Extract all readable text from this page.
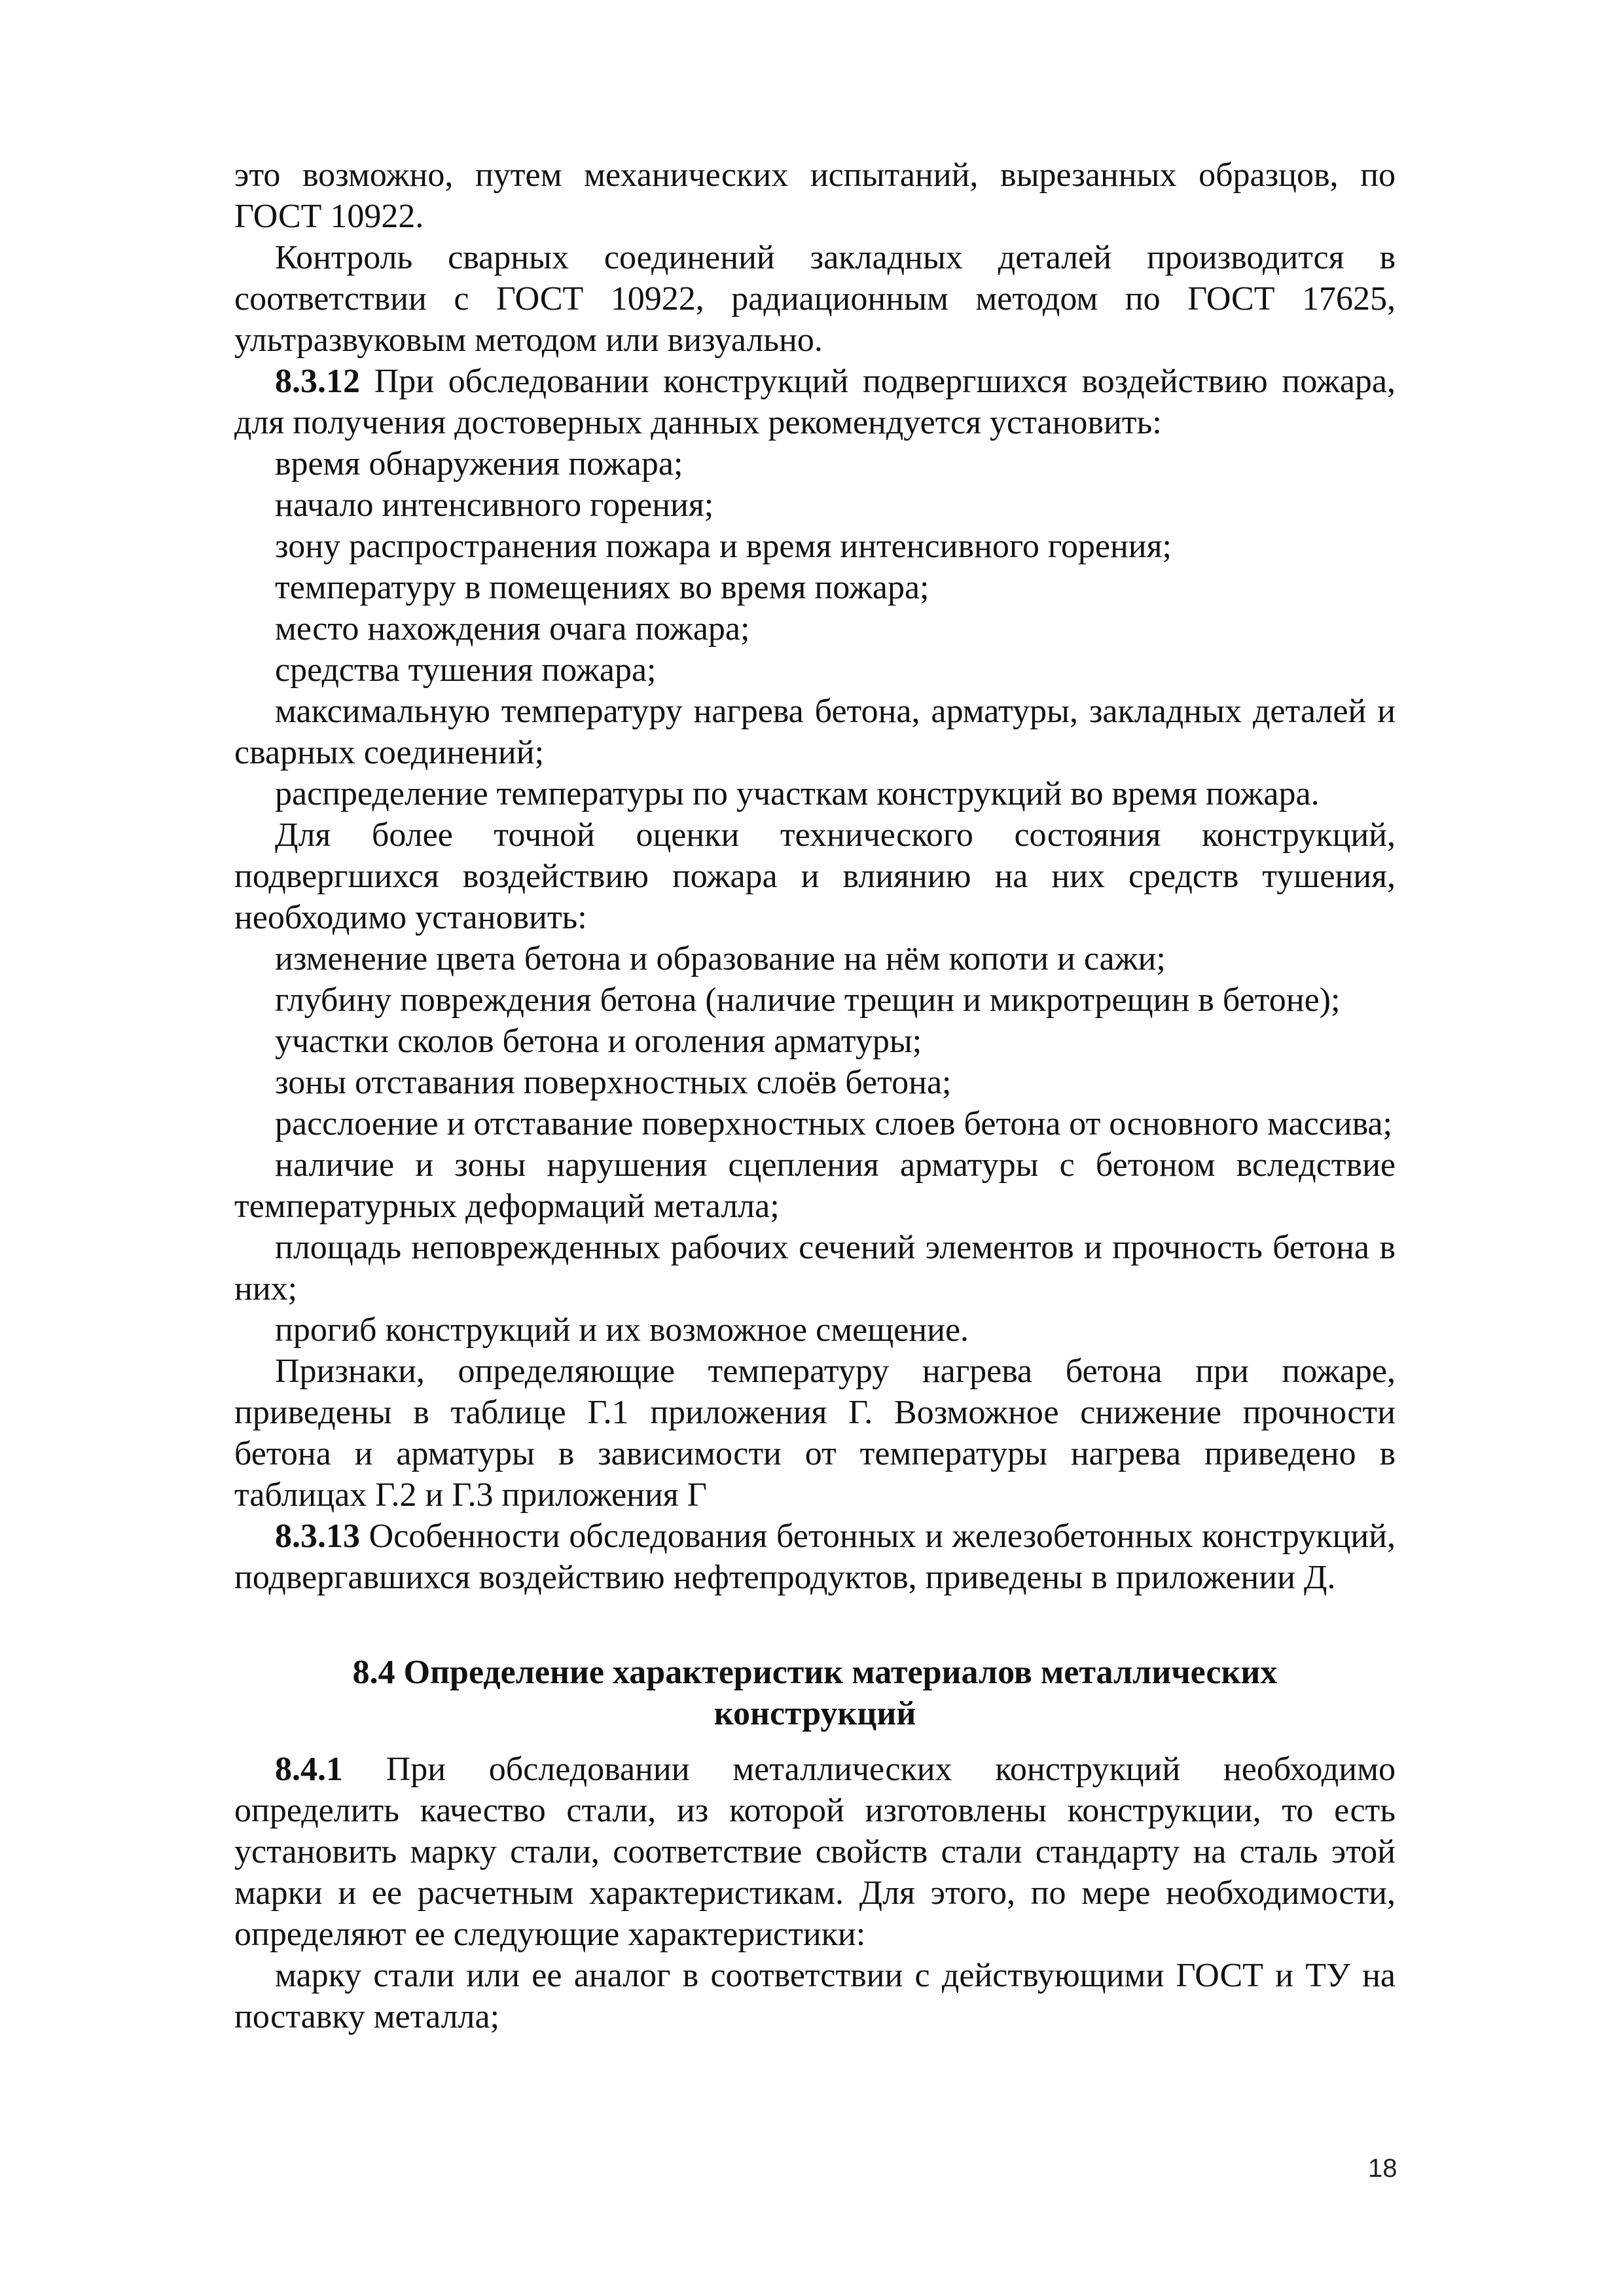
это возможно, путем механических испытаний, вырезанных образцов, по ГОСТ 10922.

Контроль сварных соединений закладных деталей производится в соответствии с ГОСТ 10922, радиационным методом по ГОСТ 17625, ультразвуковым методом или визуально.

8.3.12 При обследовании конструкций подвергшихся воздействию пожара, для получения достоверных данных рекомендуется установить:

время обнаружения пожара;

начало интенсивного горения;

зону распространения пожара и время интенсивного горения;

температуру в помещениях во время пожара;

место нахождения очага пожара;

средства тушения пожара;

максимальную температуру нагрева бетона, арматуры, закладных деталей и сварных соединений;

распределение температуры по участкам конструкций во время пожара.

Для более точной оценки технического состояния конструкций, подвергшихся воздействию пожара и влиянию на них средств тушения, необходимо установить:

изменение цвета бетона и образование на нём копоти и сажи;

глубину повреждения бетона (наличие трещин и микротрещин в бетоне);

участки сколов бетона и оголения арматуры;

зоны отставания поверхностных слоёв бетона;

расслоение и отставание поверхностных слоев бетона от основного массива;

наличие и зоны нарушения сцепления арматуры с бетоном вследствие температурных деформаций металла;

площадь неповрежденных рабочих сечений элементов и прочность бетона в них;

прогиб конструкций и их возможное смещение.

Признаки, определяющие температуру нагрева бетона при пожаре, приведены в таблице Г.1 приложения Г. Возможное снижение прочности бетона и арматуры в зависимости от температуры нагрева приведено в таблицах Г.2 и Г.3 приложения Г

8.3.13 Особенности обследования бетонных и железобетонных конструкций, подвергавшихся воздействию нефтепродуктов, приведены в приложении Д.

8.4 Определение характеристик материалов металлических
конструкций

8.4.1 При обследовании металлических конструкций необходимо определить качество стали, из которой изготовлены конструкции, то есть установить марку стали, соответствие свойств стали стандарту на сталь этой марки и ее расчетным характеристикам. Для этого, по мере необходимости, определяют ее следующие характеристики:

марку стали или ее аналог в соответствии с действующими ГОСТ и ТУ на поставку металла;

18
